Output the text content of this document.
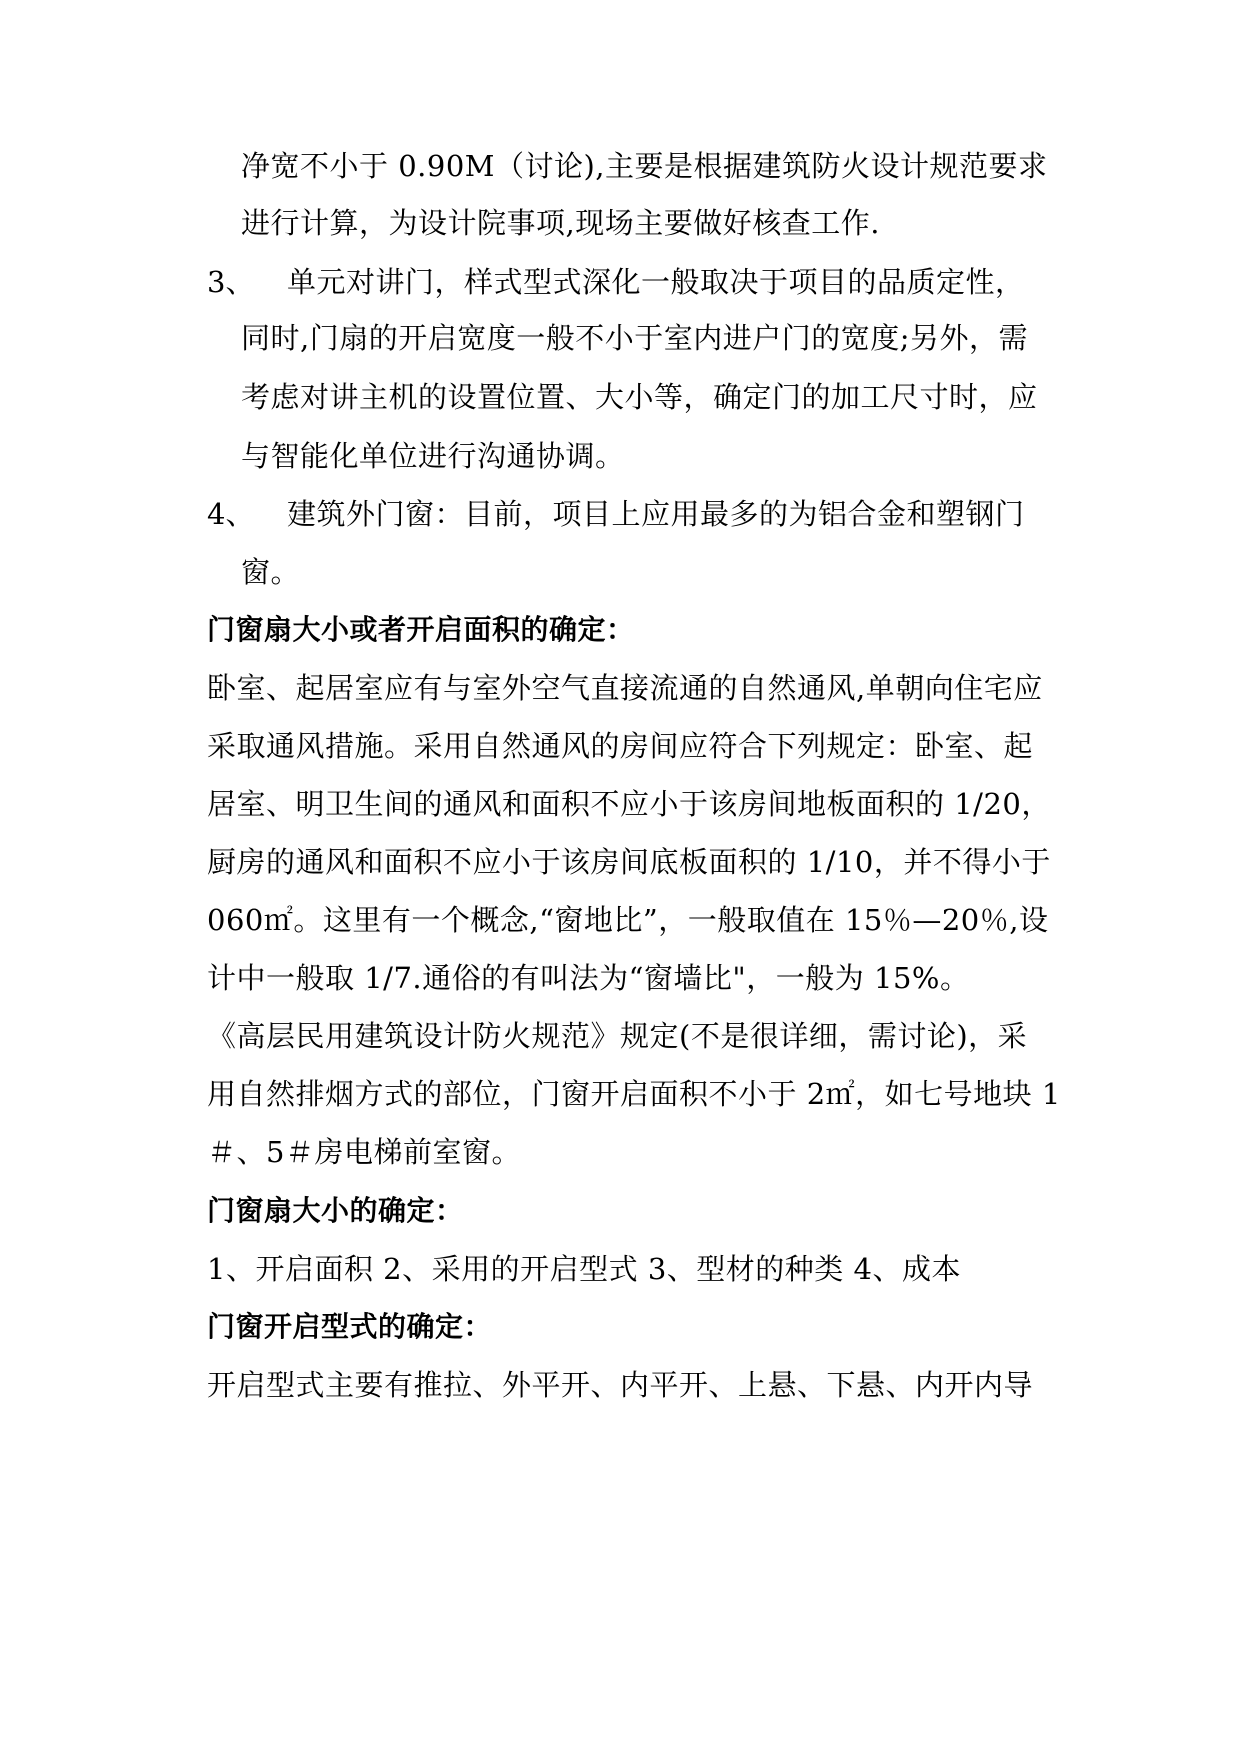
净宽不小于 0.90M（讨论),主要是根据建筑防火设计规范要求
进行计算，为设计院事项,现场主要做好核查工作.
3、 单元对讲门，样式型式深化一般取决于项目的品质定性，
同时,门扇的开启宽度一般不小于室内进户门的宽度;另外，需
考虑对讲主机的设置位置、大小等，确定门的加工尺寸时，应
与智能化单位进行沟通协调。
4、 建筑外门窗：目前，项目上应用最多的为铝合金和塑钢门
窗。
门窗扇大小或者开启面积的确定：
卧室、起居室应有与室外空气直接流通的自然通风,单朝向住宅应
采取通风措施。采用自然通风的房间应符合下列规定：卧室、起
居室、明卫生间的通风和面积不应小于该房间地板面积的 1/20，
厨房的通风和面积不应小于该房间底板面积的 1/10，并不得小于
060㎡。这里有一个概念,“窗地比”，一般取值在 15％—20％,设
计中一般取 1/7.通俗的有叫法为“窗墙比"，一般为 15%。
《高层民用建筑设计防火规范》规定(不是很详细，需讨论)，采
用自然排烟方式的部位，门窗开启面积不小于 2㎡，如七号地块 1
＃、5＃房电梯前室窗。
门窗扇大小的确定：
1、开启面积 2、采用的开启型式 3、型材的种类 4、成本
门窗开启型式的确定：
开启型式主要有推拉、外平开、内平开、上悬、下悬、内开内导
